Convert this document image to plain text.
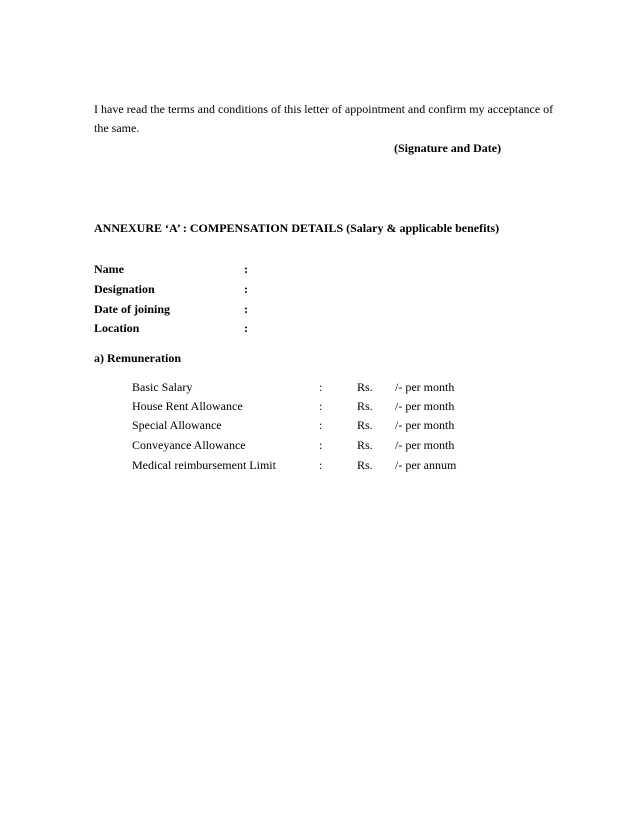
I have read the terms and conditions of this letter of appointment and confirm my acceptance of
the same.
(Signature and Date)
ANNEXURE ‘A’ : COMPENSATION DETAILS (Salary & applicable benefits)
Name	:
Designation	:
Date of joining	:
Location	:
a) Remuneration
Basic Salary	:	Rs. /- per month
House Rent Allowance	:	Rs. /- per month
Special Allowance	:	Rs. /- per month
Conveyance Allowance	:	Rs. /- per month
Medical reimbursement Limit	:	Rs. /- per annum
